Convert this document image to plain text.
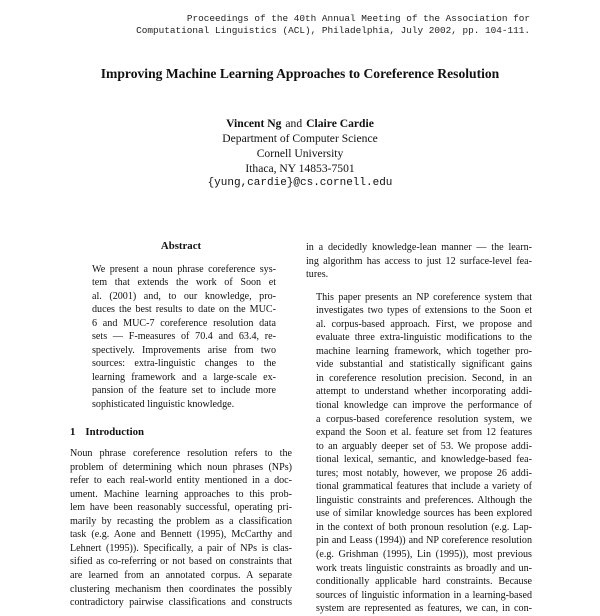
Proceedings of the 40th Annual Meeting of the Association for
Computational Linguistics (ACL), Philadelphia, July 2002, pp. 104-111.
Improving Machine Learning Approaches to Coreference Resolution
Vincent Ng and Claire Cardie
Department of Computer Science
Cornell University
Ithaca, NY 14853-7501
{yung,cardie}@cs.cornell.edu
Abstract
We present a noun phrase coreference sys-
tem that extends the work of Soon et
al. (2001) and, to our knowledge, pro-
duces the best results to date on the MUC-
6 and MUC-7 coreference resolution data
sets — F-measures of 70.4 and 63.4, re-
spectively. Improvements arise from two
sources: extra-linguistic changes to the
learning framework and a large-scale ex-
pansion of the feature set to include more
sophisticated linguistic knowledge.
1 Introduction
Noun phrase coreference resolution refers to the
problem of determining which noun phrases (NPs)
refer to each real-world entity mentioned in a doc-
ument. Machine learning approaches to this prob-
lem have been reasonably successful, operating pri-
marily by recasting the problem as a classification
task (e.g. Aone and Bennett (1995), McCarthy and
Lehnert (1995)). Specifically, a pair of NPs is clas-
sified as co-referring or not based on constraints that
are learned from an annotated corpus. A separate
clustering mechanism then coordinates the possibly
contradictory pairwise classifications and constructs

in a decidedly knowledge-lean manner — the learn-
ing algorithm has access to just 12 surface-level fea-
tures.

This paper presents an NP coreference system that
investigates two types of extensions to the Soon et
al. corpus-based approach. First, we propose and
evaluate three extra-linguistic modifications to the
machine learning framework, which together pro-
vide substantial and statistically significant gains
in coreference resolution precision. Second, in an
attempt to understand whether incorporating addi-
tional knowledge can improve the performance of
a corpus-based coreference resolution system, we
expand the Soon et al. feature set from 12 features
to an arguably deeper set of 53. We propose addi-
tional lexical, semantic, and knowledge-based fea-
tures; most notably, however, we propose 26 addi-
tional grammatical features that include a variety of
linguistic constraints and preferences. Although the
use of similar knowledge sources has been explored
in the context of both pronoun resolution (e.g. Lap-
pin and Leass (1994)) and NP coreference resolution
(e.g. Grishman (1995), Lin (1995)), most previous
work treats linguistic constraints as broadly and un-
conditionally applicable hard constraints. Because
sources of linguistic information in a learning-based
system are represented as features, we can, in con-
